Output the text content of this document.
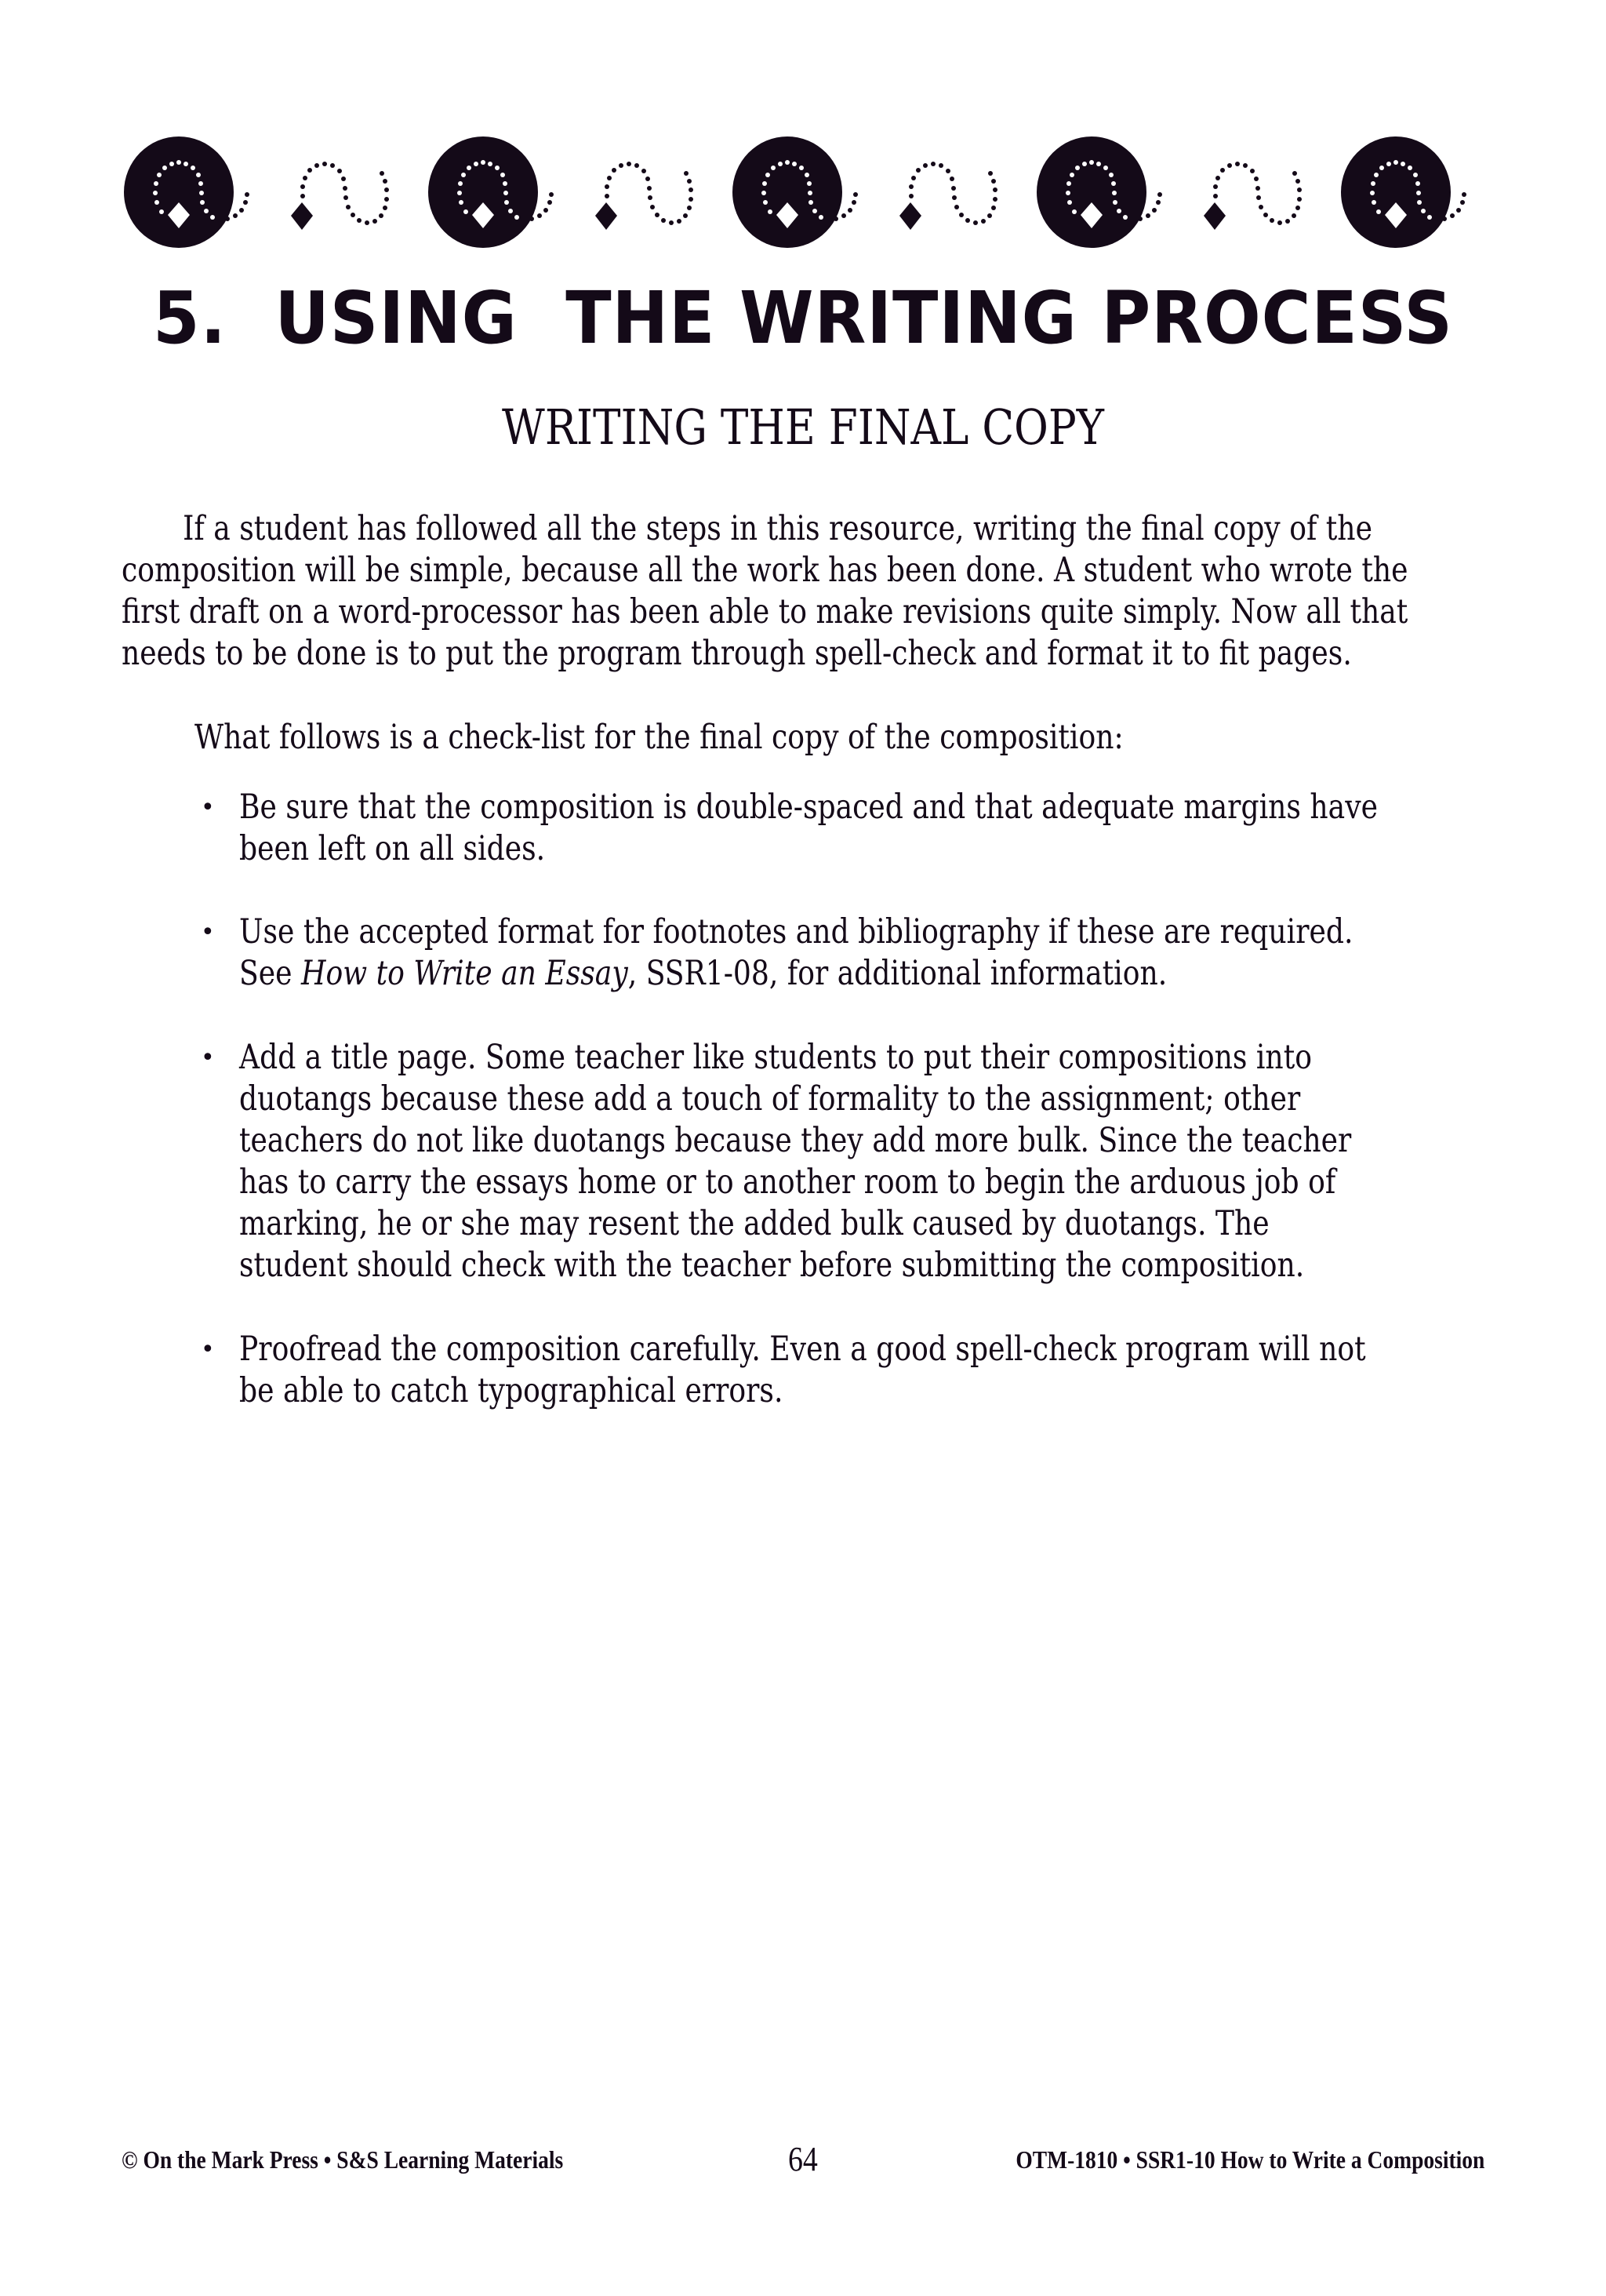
5.  USING  THE WRITING PROCESS
WRITING THE FINAL COPY
If a student has followed all the steps in this resource, writing the final copy of the
composition will be simple, because all the work has been done. A student who wrote the
first draft on a word-processor has been able to make revisions quite simply. Now all that
needs to be done is to put the program through spell-check and format it to fit pages.
What follows is a check-list for the final copy of the composition:
• Be sure that the composition is double-spaced and that adequate margins have
been left on all sides.
• Use the accepted format for footnotes and bibliography if these are required.
See How to Write an Essay, SSR1-08, for additional information.
• Add a title page. Some teacher like students to put their compositions into
duotangs because these add a touch of formality to the assignment; other
teachers do not like duotangs because they add more bulk. Since the teacher
has to carry the essays home or to another room to begin the arduous job of
marking, he or she may resent the added bulk caused by duotangs. The
student should check with the teacher before submitting the composition.
• Proofread the composition carefully. Even a good spell-check program will not
be able to catch typographical errors.
© On the Mark Press • S&S Learning Materials	64	OTM-1810 • SSR1-10 How to Write a Composition
